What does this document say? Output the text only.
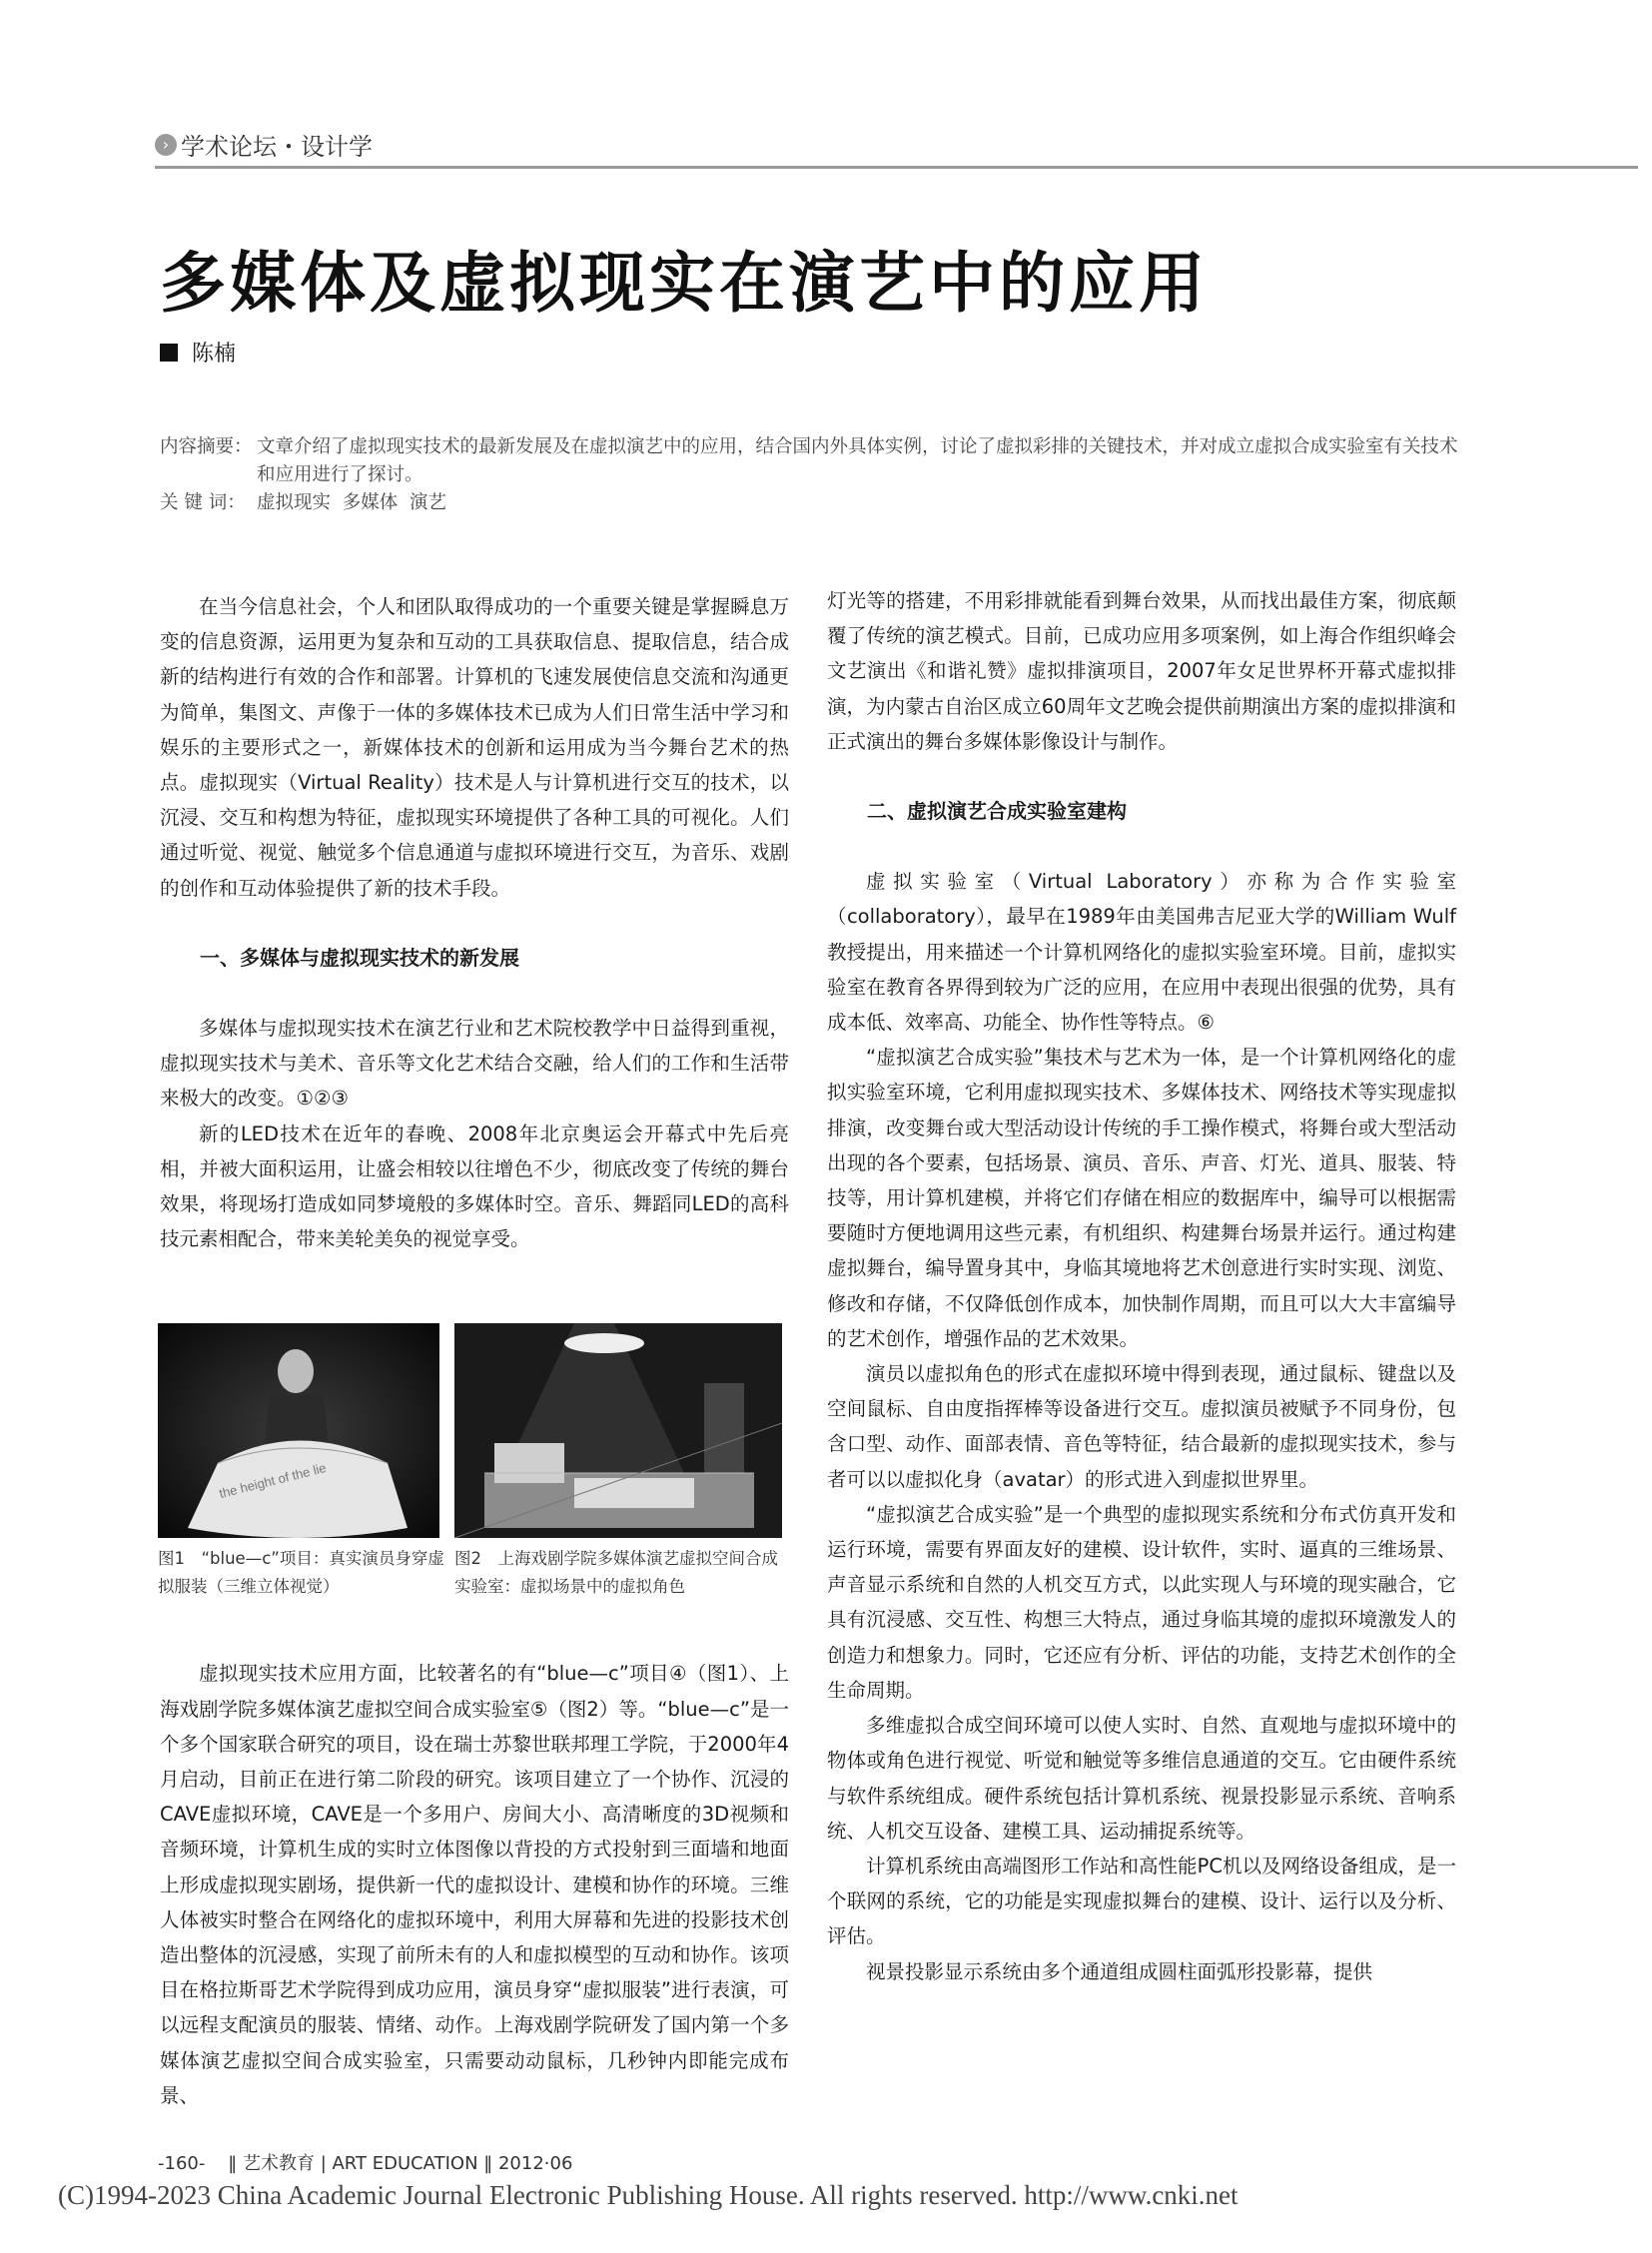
› 学术论坛・设计学
多媒体及虚拟现实在演艺中的应用
陈楠
内容摘要： 文章介绍了虚拟现实技术的最新发展及在虚拟演艺中的应用，结合国内外具体实例，讨论了虚拟彩排的关键技术，并对成立虚拟合成实验室有关技术和应用进行了探讨。
关 键 词： 虚拟现实  多媒体  演艺

在当今信息社会，个人和团队取得成功的一个重要关键是掌握瞬息万变的信息资源，运用更为复杂和互动的工具获取信息、提取信息，结合成新的结构进行有效的合作和部署。计算机的飞速发展使信息交流和沟通更为简单，集图文、声像于一体的多媒体技术已成为人们日常生活中学习和娱乐的主要形式之一，新媒体技术的创新和运用成为当今舞台艺术的热点。虚拟现实（Virtual Reality）技术是人与计算机进行交互的技术，以沉浸、交互和构想为特征，虚拟现实环境提供了各种工具的可视化。人们通过听觉、视觉、触觉多个信息通道与虚拟环境进行交互，为音乐、戏剧的创作和互动体验提供了新的技术手段。

一、多媒体与虚拟现实技术的新发展

多媒体与虚拟现实技术在演艺行业和艺术院校教学中日益得到重视，虚拟现实技术与美术、音乐等文化艺术结合交融，给人们的工作和生活带来极大的改变。①②③

新的LED技术在近年的春晚、2008年北京奥运会开幕式中先后亮相，并被大面积运用，让盛会相较以往增色不少，彻底改变了传统的舞台效果，将现场打造成如同梦境般的多媒体时空。音乐、舞蹈同LED的高科技元素相配合，带来美轮美奂的视觉享受。

虚拟现实技术应用方面，比较著名的有“blue—c”项目④（图1）、上海戏剧学院多媒体演艺虚拟空间合成实验室⑤（图2）等。“blue—c”是一个多个国家联合研究的项目，设在瑞士苏黎世联邦理工学院，于2000年4月启动，目前正在进行第二阶段的研究。该项目建立了一个协作、沉浸的CAVE虚拟环境，CAVE是一个多用户、房间大小、高清晰度的3D视频和音频环境，计算机生成的实时立体图像以背投的方式投射到三面墙和地面上形成虚拟现实剧场，提供新一代的虚拟设计、建模和协作的环境。三维人体被实时整合在网络化的虚拟环境中，利用大屏幕和先进的投影技术创造出整体的沉浸感，实现了前所未有的人和虚拟模型的互动和协作。该项目在格拉斯哥艺术学院得到成功应用，演员身穿“虚拟服装”进行表演，可以远程支配演员的服装、情绪、动作。上海戏剧学院研发了国内第一个多媒体演艺虚拟空间合成实验室，只需要动动鼠标，几秒钟内即能完成布景、

the height of the lie
图1　“blue—c”项目：真实演员身穿虚拟服装（三维立体视觉）
图2　上海戏剧学院多媒体演艺虚拟空间合成实验室：虚拟场景中的虚拟角色

灯光等的搭建，不用彩排就能看到舞台效果，从而找出最佳方案，彻底颠覆了传统的演艺模式。目前，已成功应用多项案例，如上海合作组织峰会文艺演出《和谐礼赞》虚拟排演项目，2007年女足世界杯开幕式虚拟排演，为内蒙古自治区成立60周年文艺晚会提供前期演出方案的虚拟排演和正式演出的舞台多媒体影像设计与制作。

二、虚拟演艺合成实验室建构

虚拟实验室（Virtual Laboratory）亦称为合作实验室（collaboratory），最早在1989年由美国弗吉尼亚大学的William Wulf教授提出，用来描述一个计算机网络化的虚拟实验室环境。目前，虚拟实验室在教育各界得到较为广泛的应用，在应用中表现出很强的优势，具有成本低、效率高、功能全、协作性等特点。⑥

“虚拟演艺合成实验”集技术与艺术为一体，是一个计算机网络化的虚拟实验室环境，它利用虚拟现实技术、多媒体技术、网络技术等实现虚拟排演，改变舞台或大型活动设计传统的手工操作模式，将舞台或大型活动出现的各个要素，包括场景、演员、音乐、声音、灯光、道具、服装、特技等，用计算机建模，并将它们存储在相应的数据库中，编导可以根据需要随时方便地调用这些元素，有机组织、构建舞台场景并运行。通过构建虚拟舞台，编导置身其中，身临其境地将艺术创意进行实时实现、浏览、修改和存储，不仅降低创作成本，加快制作周期，而且可以大大丰富编导的艺术创作，增强作品的艺术效果。

演员以虚拟角色的形式在虚拟环境中得到表现，通过鼠标、键盘以及空间鼠标、自由度指挥棒等设备进行交互。虚拟演员被赋予不同身份，包含口型、动作、面部表情、音色等特征，结合最新的虚拟现实技术，参与者可以以虚拟化身（avatar）的形式进入到虚拟世界里。

“虚拟演艺合成实验”是一个典型的虚拟现实系统和分布式仿真开发和运行环境，需要有界面友好的建模、设计软件，实时、逼真的三维场景、声音显示系统和自然的人机交互方式，以此实现人与环境的现实融合，它具有沉浸感、交互性、构想三大特点，通过身临其境的虚拟环境激发人的创造力和想象力。同时，它还应有分析、评估的功能，支持艺术创作的全生命周期。

多维虚拟合成空间环境可以使人实时、自然、直观地与虚拟环境中的物体或角色进行视觉、听觉和触觉等多维信息通道的交互。它由硬件系统与软件系统组成。硬件系统包括计算机系统、视景投影显示系统、音响系统、人机交互设备、建模工具、运动捕捉系统等。

计算机系统由高端图形工作站和高性能PC机以及网络设备组成，是一个联网的系统，它的功能是实现虚拟舞台的建模、设计、运行以及分析、评估。

视景投影显示系统由多个通道组成圆柱面弧形投影幕，提供

-160- ‖ 艺术教育 | ART EDUCATION ‖ 2012·06
(C)1994-2023 China Academic Journal Electronic Publishing House. All rights reserved. http://www.cnki.net
